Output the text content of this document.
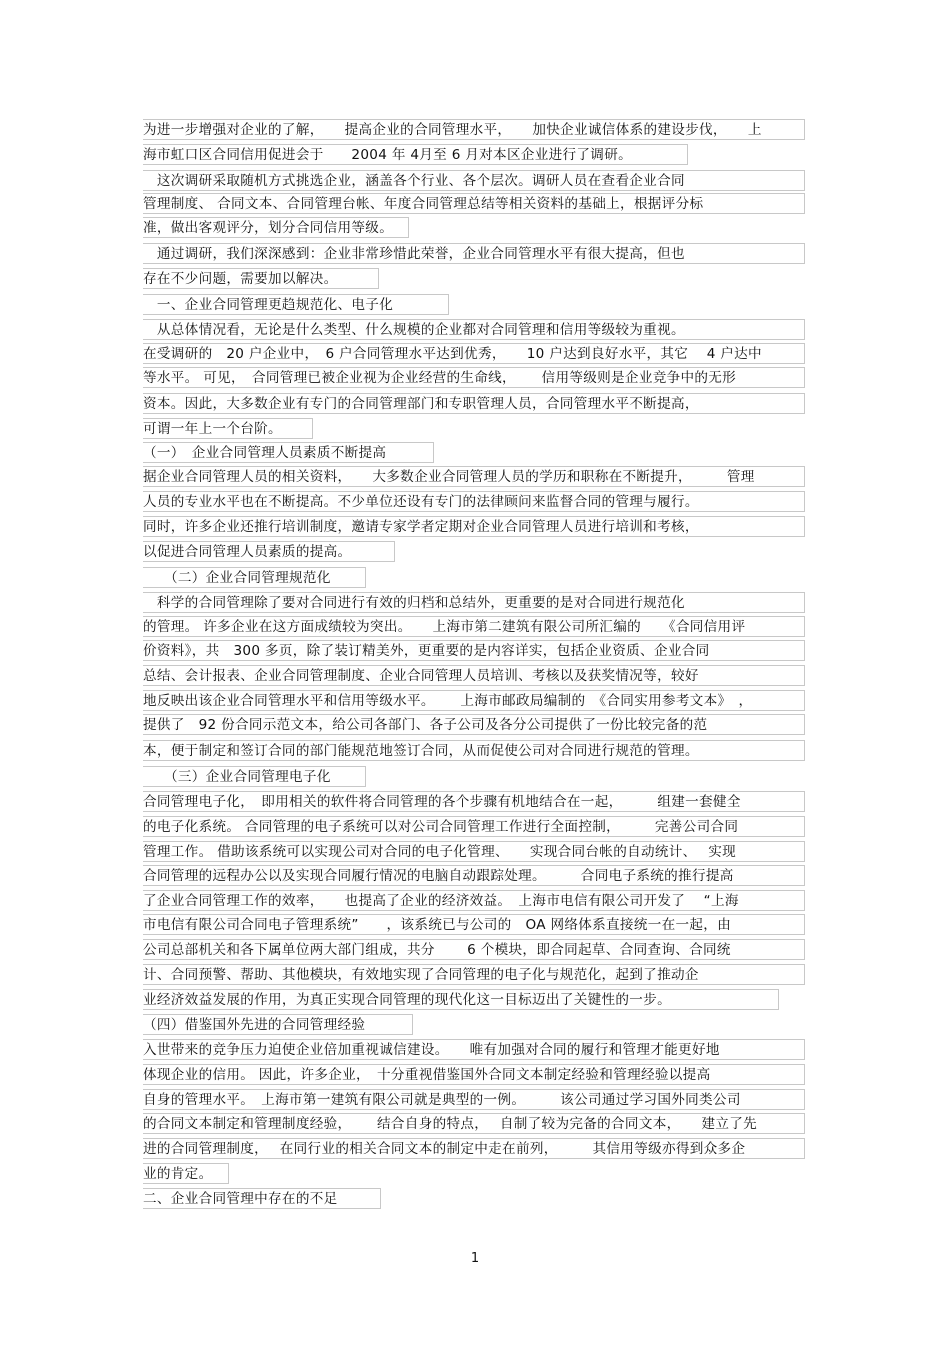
为进一步增强对企业的了解，　　提高企业的合同管理水平，　　加快企业诚信体系的建设步伐，　　上
海市虹口区合同信用促进会于　　2004 年 4月至 6 月对本区企业进行了调研。
　这次调研采取随机方式挑选企业，涵盖各个行业、各个层次。调研人员在查看企业合同
管理制度、 合同文本、合同管理台帐、年度合同管理总结等相关资料的基础上，根据评分标
准，做出客观评分，划分合同信用等级。
　通过调研，我们深深感到：企业非常珍惜此荣誉，企业合同管理水平有很大提高，但也
存在不少问题，需要加以解决。
　一、企业合同管理更趋规范化、电子化
　从总体情况看，无论是什么类型、什么规模的企业都对合同管理和信用等级较为重视。
在受调研的　20 户企业中，　6 户合同管理水平达到优秀，　　10 户达到良好水平，其它　 4 户达中
等水平。 可见，　合同管理已被企业视为企业经营的生命线，　　 信用等级则是企业竞争中的无形
资本。因此，大多数企业有专门的合同管理部门和专职管理人员，合同管理水平不断提高，
可谓一年上一个台阶。
（一）　企业合同管理人员素质不断提高
据企业合同管理人员的相关资料，　　大多数企业合同管理人员的学历和职称在不断提升，　　　管理
人员的专业水平也在不断提高。不少单位还设有专门的法律顾问来监督合同的管理与履行。
同时，许多企业还推行培训制度，邀请专家学者定期对企业合同管理人员进行培训和考核，
以促进合同管理人员素质的提高。
　　（二）企业合同管理规范化
　科学的合同管理除了要对合同进行有效的归档和总结外，更重要的是对合同进行规范化
的管理。 许多企业在这方面成绩较为突出。　　上海市第二建筑有限公司所汇编的　　《合同信用评
价资料》，共　300 多页，除了装订精美外，更重要的是内容详实，包括企业资质、企业合同
总结、会计报表、企业合同管理制度、企业合同管理人员培训、考核以及获奖情况等，较好
地反映出该企业合同管理水平和信用等级水平。　　 上海市邮政局编制的　《合同实用参考文本》　，
提供了　92 份合同示范文本，给公司各部门、各子公司及各分公司提供了一份比较完备的范
本，便于制定和签订合同的部门能规范地签订合同，从而促使公司对合同进行规范的管理。
　　（三）企业合同管理电子化
合同管理电子化，　即用相关的软件将合同管理的各个步骤有机地结合在一起，　　　组建一套健全
的电子化系统。 合同管理的电子系统可以对公司合同管理工作进行全面控制，　　　完善公司合同
管理工作。 借助该系统可以实现公司对合同的电子化管理、　　实现合同台帐的自动统计、　 实现
合同管理的远程办公以及实现合同履行情况的电脑自动跟踪处理。　　　合同电子系统的推行提高
了企业合同管理工作的效率，　　也提高了企业的经济效益。　上海市电信有限公司开发了　 “上海
市电信有限公司合同电子管理系统”　　，该系统已与公司的　OA 网络体系直接统一在一起，由
公司总部机关和各下属单位两大部门组成，共分　　 6 个模块，即合同起草、合同查询、合同统
计、合同预警、帮助、其他模块，有效地实现了合同管理的电子化与规范化，起到了推动企
业经济效益发展的作用，为真正实现合同管理的现代化这一目标迈出了关键性的一步。
（四）借鉴国外先进的合同管理经验
入世带来的竞争压力迫使企业倍加重视诚信建设。　　唯有加强对合同的履行和管理才能更好地
体现企业的信用。 因此，许多企业，　十分重视借鉴国外合同文本制定经验和管理经验以提高
自身的管理水平。　上海市第一建筑有限公司就是典型的一例。　　　该公司通过学习国外同类公司
的合同文本制定和管理制度经验，　　 结合自身的特点，　 自制了较为完备的合同文本，　　建立了先
进的合同管理制度，　 在同行业的相关合同文本的制定中走在前列，　　　其信用等级亦得到众多企
业的肯定。
二、企业合同管理中存在的不足
1
